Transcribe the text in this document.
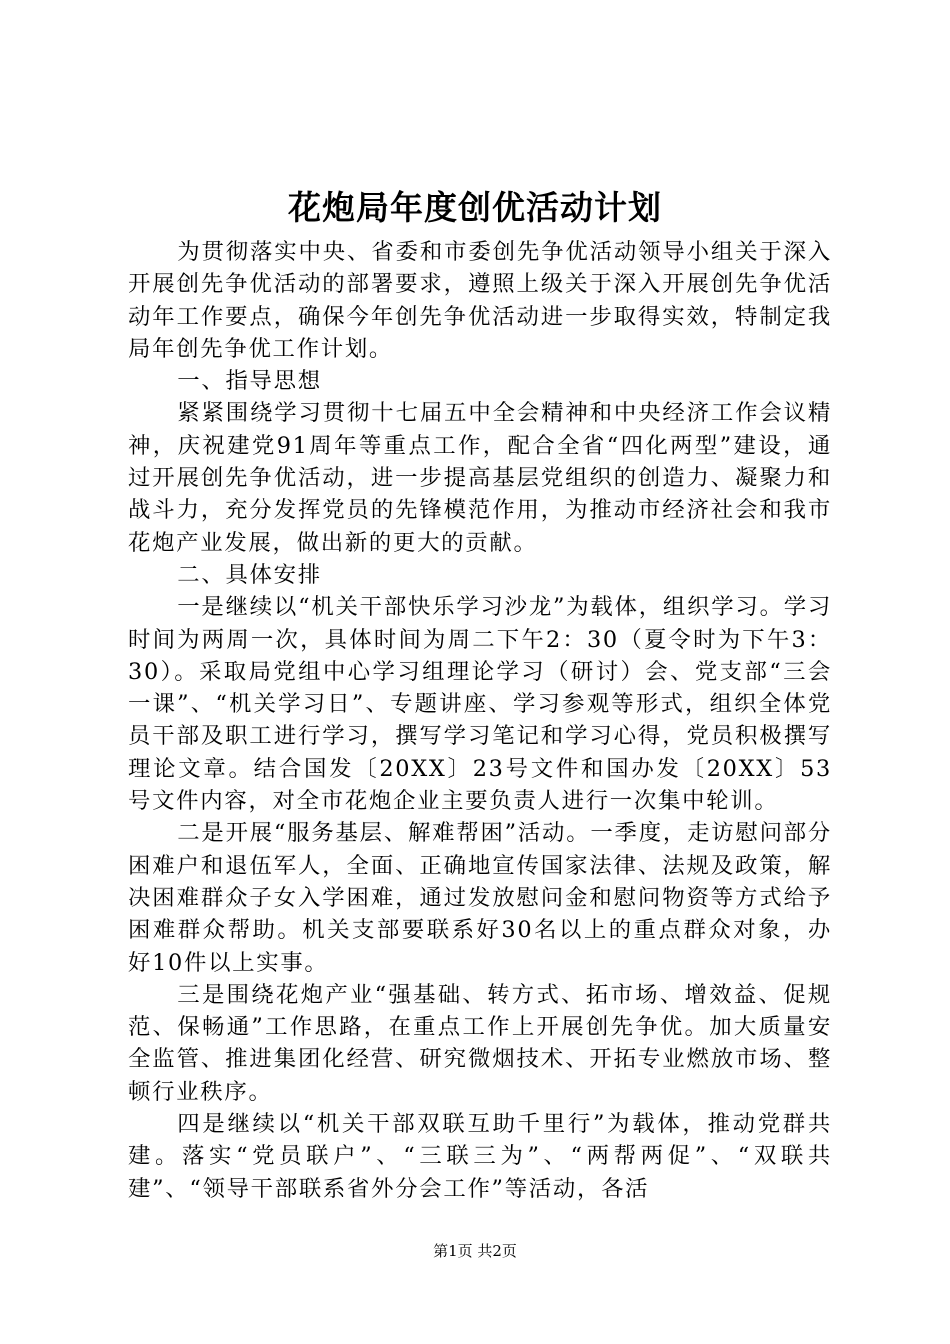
花炮局年度创优活动计划

为贯彻落实中央、省委和市委创先争优活动领导小组关于深入开展创先争优活动的部署要求，遵照上级关于深入开展创先争优活动年工作要点，确保今年创先争优活动进一步取得实效，特制定我局年创先争优工作计划。

一、指导思想

紧紧围绕学习贯彻十七届五中全会精神和中央经济工作会议精神，庆祝建党91周年等重点工作，配合全省“四化两型”建设，通过开展创先争优活动，进一步提高基层党组织的创造力、凝聚力和战斗力，充分发挥党员的先锋模范作用，为推动市经济社会和我市花炮产业发展，做出新的更大的贡献。

二、具体安排

一是继续以“机关干部快乐学习沙龙”为载体，组织学习。学习时间为两周一次，具体时间为周二下午2：30（夏令时为下午3：30）。采取局党组中心学习组理论学习（研讨）会、党支部“三会一课”、“机关学习日”、专题讲座、学习参观等形式，组织全体党员干部及职工进行学习，撰写学习笔记和学习心得，党员积极撰写理论文章。结合国发〔20XX〕23号文件和国办发〔20XX〕53号文件内容，对全市花炮企业主要负责人进行一次集中轮训。

二是开展“服务基层、解难帮困”活动。一季度，走访慰问部分困难户和退伍军人，全面、正确地宣传国家法律、法规及政策，解决困难群众子女入学困难，通过发放慰问金和慰问物资等方式给予困难群众帮助。机关支部要联系好30名以上的重点群众对象，办好10件以上实事。

三是围绕花炮产业“强基础、转方式、拓市场、增效益、促规范、保畅通”工作思路，在重点工作上开展创先争优。加大质量安全监管、推进集团化经营、研究微烟技术、开拓专业燃放市场、整顿行业秩序。

四是继续以“机关干部双联互助千里行”为载体，推动党群共建。落实“党员联户”、“三联三为”、“两帮两促”、“双联共建”、“领导干部联系省外分会工作”等活动，各活

第1页 共2页
